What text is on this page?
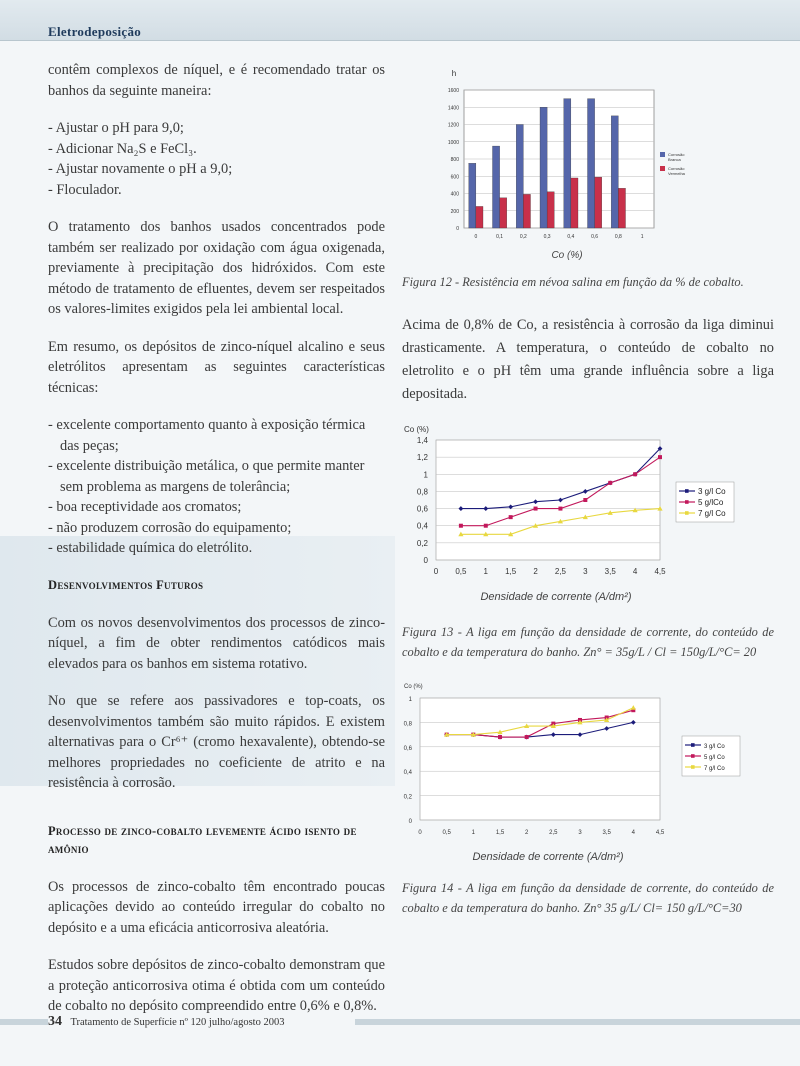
Eletrodeposição

contêm complexos de níquel, e é recomendado tratar os banhos da seguinte maneira:

- Ajustar o pH para 9,0;
- Adicionar Na₂S e FeCl₃.
- Ajustar novamente o pH a 9,0;
- Floculador.

O tratamento dos banhos usados concentrados pode também ser realizado por oxidação com água oxigenada, previamente à precipitação dos hidróxidos. Com este método de tratamento de efluentes, devem ser respeitados os valores-limites exigidos pela lei ambiental local.

Em resumo, os depósitos de zinco-níquel alcalino e seus eletrólitos apresentam as seguintes características técnicas:

- excelente comportamento quanto à exposição térmica das peças;
- excelente distribuição metálica, o que permite manter sem problema as margens de tolerância;
- boa receptividade aos cromatos;
- não produzem corrosão do equipamento;
- estabilidade química do eletrólito.
Desenvolvimentos Futuros

Com os novos desenvolvimentos dos processos de zinco-níquel, a fim de obter rendimentos catódicos mais elevados para os banhos em sistema rotativo.

No que se refere aos passivadores e top-coats, os desenvolvimentos também são muito rápidos. E existem alternativas para o Cr⁶⁺ (cromo hexavalente), obtendo-se melhores propriedades no coeficiente de atrito e na resistência à corrosão.

Processo de zinco-cobalto levemente ácido isento de amônio

Os processos de zinco-cobalto têm encontrado poucas aplicações devido ao conteúdo irregular do cobalto no depósito e a uma eficácia anticorrosiva aleatória.

Estudos sobre depósitos de zinco-cobalto demonstram que a proteção anticorrosiva otima é obtida com um conteúdo de cobalto no depósito compreendido entre 0,6% e 0,8%.

h
0
200
400
600
800
1000
1200
1400
1600
0	0,1	0,2	0,3	0,4	0,6	0,8	1
Co (%)
Corrosão
Branca
Corrosão
Vermelha
Figura 12 - Resistência em névoa salina em função da % de cobalto.
Acima de 0,8% de Co, a resistência à corrosão da liga diminui drasticamente. A temperatura, o conteúdo de cobalto no eletrolito e o pH têm uma grande influência sobre a liga depositada.
Co (%)
0
0,2
0,4
0,6
0,8
1
1,2
1,4
0 0,5 1 1,5 2 2,5 3 3,5 4 4,5
Densidade de corrente (A/dm²)
3 g/l Co
5 g/lCo
7 g/l Co
Figura 13 - A liga em função da densidade de corrente, do conteúdo de cobalto e da temperatura do banho. Zn° = 35g/L / Cl = 150g/L/°C= 20
Co (%)
0
0,2
0,4
0,6
0,8
1
0	0,5	1	1,5	2	2,5	3	3,5	4	4,5
Densidade de corrente (A/dm²)
3 g/l Co
5 g/l Co
7 g/l Co
Figura 14 - A liga em função da densidade de corrente, do conteúdo de cobalto e da temperatura do banho. Zn° 35 g/L/ Cl= 150 g/L/°C=30
34 Tratamento de Superfície nº 120 julho/agosto 2003
